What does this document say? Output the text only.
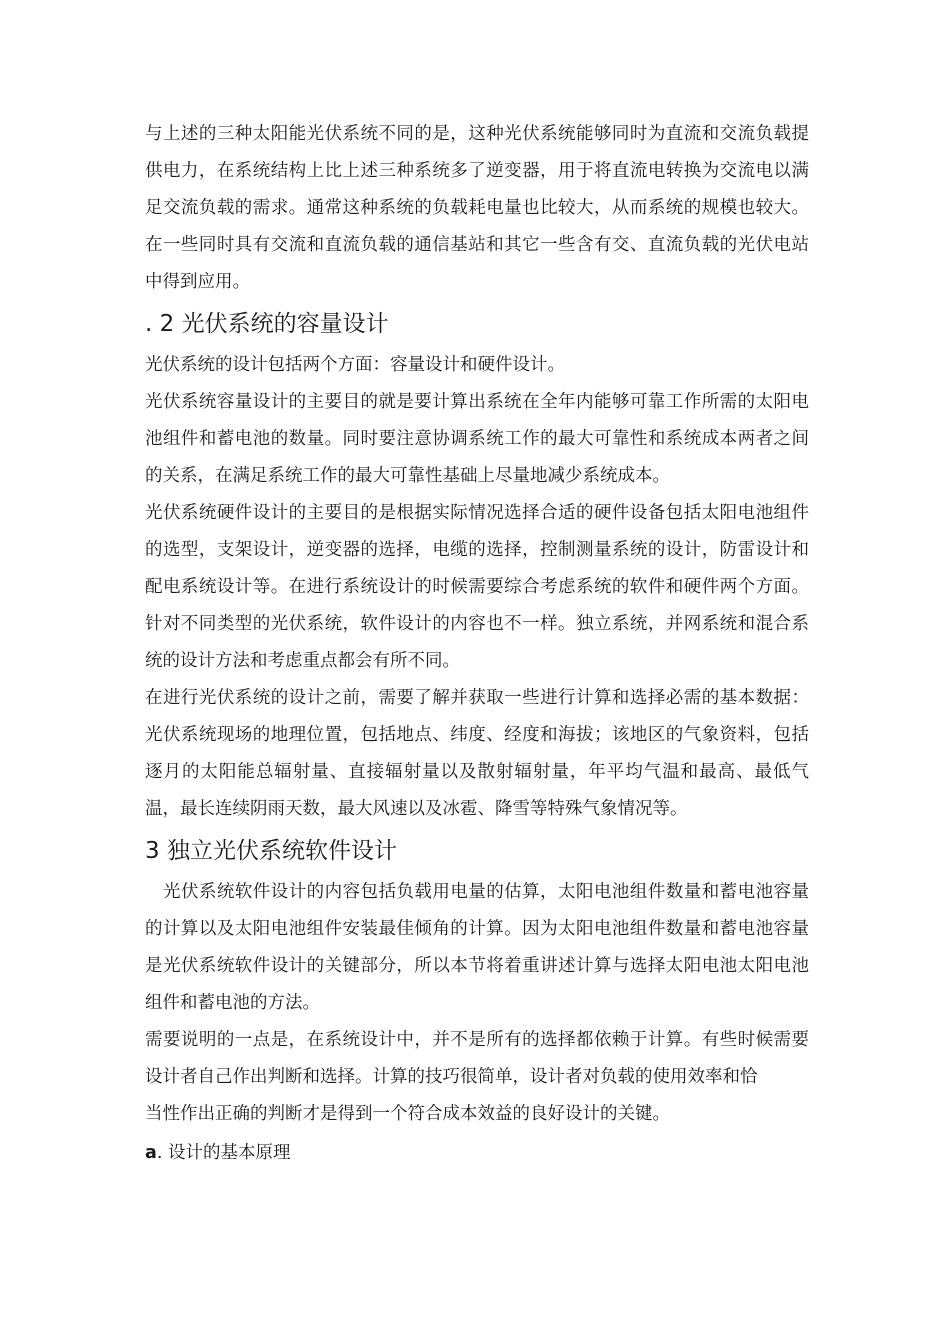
与上述的三种太阳能光伏系统不同的是，这种光伏系统能够同时为直流和交流负载提供电力，在系统结构上比上述三种系统多了逆变器，用于将直流电转换为交流电以满足交流负载的需求。通常这种系统的负载耗电量也比较大，从而系统的规模也较大。在一些同时具有交流和直流负载的通信基站和其它一些含有交、直流负载的光伏电站中得到应用。

. 2 光伏系统的容量设计

光伏系统的设计包括两个方面：容量设计和硬件设计。

光伏系统容量设计的主要目的就是要计算出系统在全年内能够可靠工作所需的太阳电池组件和蓄电池的数量。同时要注意协调系统工作的最大可靠性和系统成本两者之间的关系，在满足系统工作的最大可靠性基础上尽量地减少系统成本。

光伏系统硬件设计的主要目的是根据实际情况选择合适的硬件设备包括太阳电池组件的选型，支架设计，逆变器的选择，电缆的选择，控制测量系统的设计，防雷设计和配电系统设计等。在进行系统设计的时候需要综合考虑系统的软件和硬件两个方面。针对不同类型的光伏系统，软件设计的内容也不一样。独立系统，并网系统和混合系统的设计方法和考虑重点都会有所不同。

在进行光伏系统的设计之前，需要了解并获取一些进行计算和选择必需的基本数据：光伏系统现场的地理位置，包括地点、纬度、经度和海拔；该地区的气象资料，包括逐月的太阳能总辐射量、直接辐射量以及散射辐射量，年平均气温和最高、最低气温，最长连续阴雨天数，最大风速以及冰雹、降雪等特殊气象情况等。

3 独立光伏系统软件设计

光伏系统软件设计的内容包括负载用电量的估算，太阳电池组件数量和蓄电池容量的计算以及太阳电池组件安装最佳倾角的计算。因为太阳电池组件数量和蓄电池容量是光伏系统软件设计的关键部分，所以本节将着重讲述计算与选择太阳电池太阳电池组件和蓄电池的方法。

需要说明的一点是，在系统设计中，并不是所有的选择都依赖于计算。有些时候需要设计者自己作出判断和选择。计算的技巧很简单，设计者对负载的使用效率和恰

当性作出正确的判断才是得到一个符合成本效益的良好设计的关键。

a. 设计的基本原理
